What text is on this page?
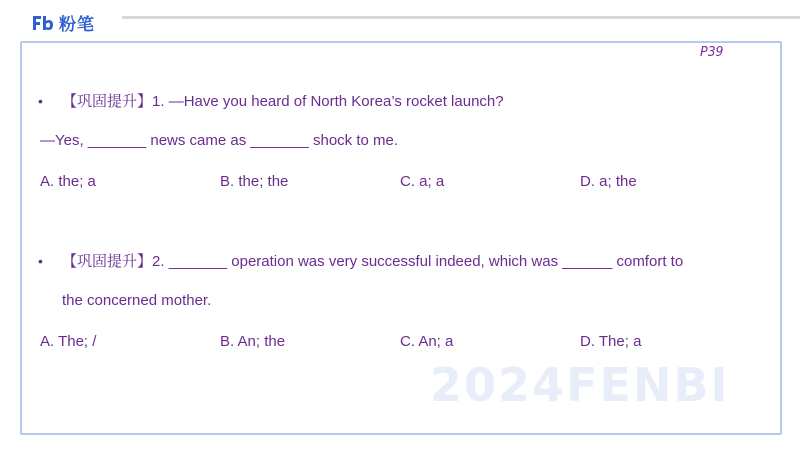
粉笔
2024FENBI
P39
• 【巩固提升】1. —Have you heard of North Korea’s rocket launch?
—Yes, _______ news came as _______ shock to me.
A. the; a	B. the; the	C. a; a	D. a; the
• 【巩固提升】2. _______ operation was very successful indeed, which was ______ comfort to
the concerned mother.
A. The; /	B. An; the	C. An; a	D. The; a
